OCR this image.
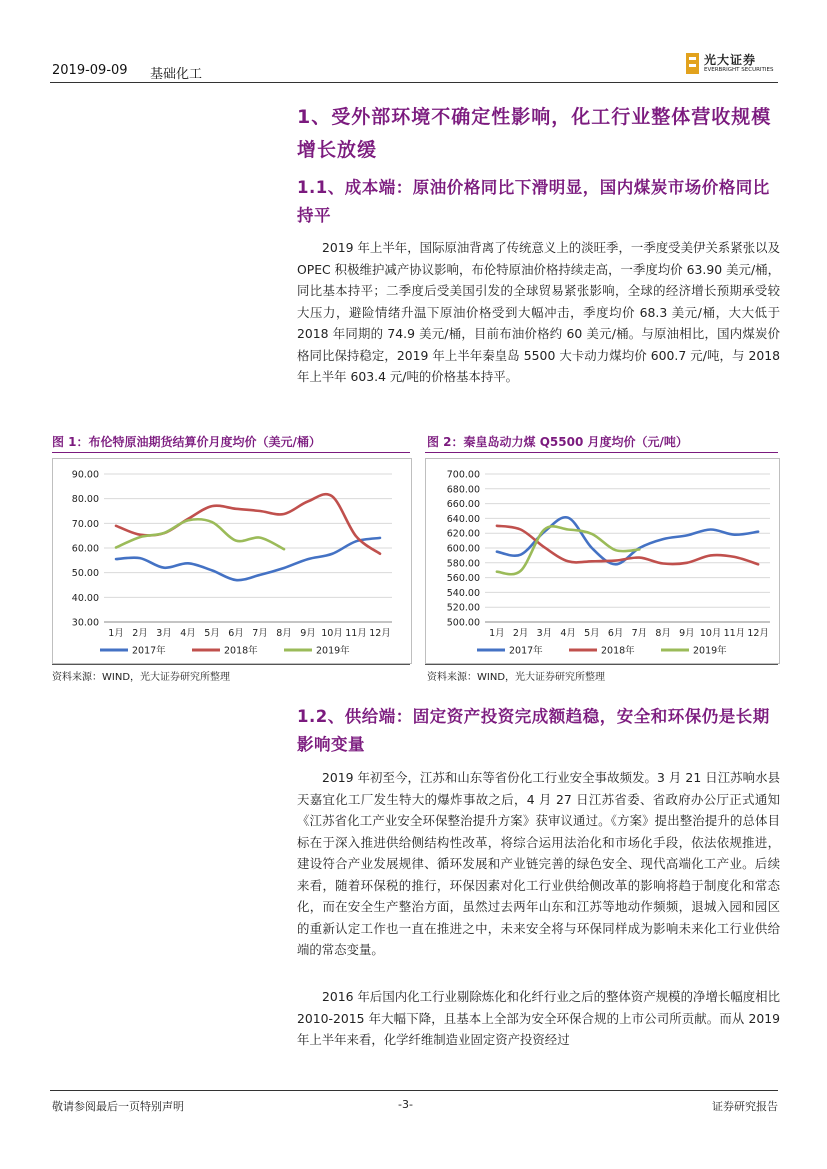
2019-09-09 基础化工
光大证券
EVERBRIGHT SECURITIES
1、受外部环境不确定性影响，化工行业整体营收规模增长放缓
1.1、成本端：原油价格同比下滑明显，国内煤炭市场价格同比持平
2019 年上半年，国际原油背离了传统意义上的淡旺季，一季度受美伊关系紧张以及 OPEC 积极维护减产协议影响，布伦特原油价格持续走高，一季度均价 63.90 美元/桶，同比基本持平；二季度后受美国引发的全球贸易紧张影响，全球的经济增长预期承受较大压力，避险情绪升温下原油价格受到大幅冲击，季度均价 68.3 美元/桶，大大低于 2018 年同期的 74.9 美元/桶，目前布油价格约 60 美元/桶。与原油相比，国内煤炭价格同比保持稳定，2019 年上半年秦皇岛 5500 大卡动力煤均价 600.7 元/吨，与 2018 年上半年 603.4 元/吨的价格基本持平。
图 1：布伦特原油期货结算价月度均价（美元/桶）
30.00
40.00
50.00
60.00
70.00
80.00
90.00
1月 2月 3月 4月 5月 6月 7月 8月 9月 10月 11月 12月
2017年	2018年	2019年
资料来源：WIND，光大证券研究所整理
图 2：秦皇岛动力煤 Q5500 月度均价（元/吨）
500.00
520.00
540.00
560.00
580.00
600.00
620.00
640.00
660.00
680.00
700.00
1月 2月 3月 4月 5月 6月 7月 8月 9月 10月 11月 12月
2017年	2018年	2019年
资料来源：WIND，光大证券研究所整理
1.2、供给端：固定资产投资完成额趋稳，安全和环保仍是长期影响变量
2019 年初至今，江苏和山东等省份化工行业安全事故频发。3 月 21 日江苏响水县天嘉宜化工厂发生特大的爆炸事故之后，4 月 27 日江苏省委、省政府办公厅正式通知《江苏省化工产业安全环保整治提升方案》获审议通过。《方案》提出整治提升的总体目标在于深入推进供给侧结构性改革，将综合运用法治化和市场化手段，依法依规推进，建设符合产业发展规律、循环发展和产业链完善的绿色安全、现代高端化工产业。后续来看，随着环保税的推行，环保因素对化工行业供给侧改革的影响将趋于制度化和常态化，而在安全生产整治方面，虽然过去两年山东和江苏等地动作频频，退城入园和园区的重新认定工作也一直在推进之中，未来安全将与环保同样成为影响未来化工行业供给端的常态变量。
2016 年后国内化工行业剔除炼化和化纤行业之后的整体资产规模的净增长幅度相比 2010-2015 年大幅下降，且基本上全部为安全环保合规的上市公司所贡献。而从 2019 年上半年来看，化学纤维制造业固定资产投资经过
敬请参阅最后一页特别声明	-3-	证券研究报告
